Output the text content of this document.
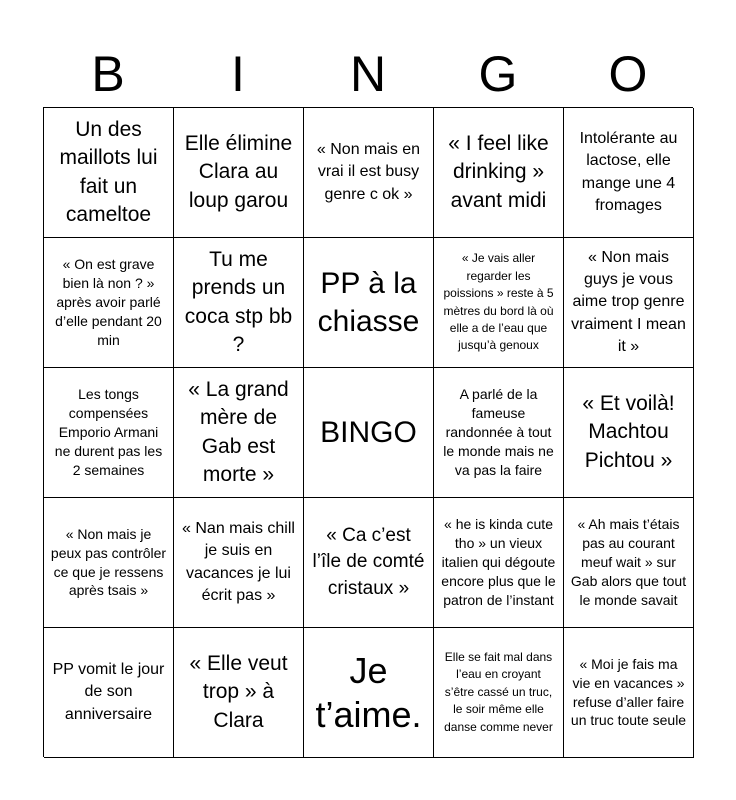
B	I	N	G	O
Un des maillots lui fait un cameltoe
Elle élimine Clara au loup garou
« Non mais en vrai il est busy genre c ok »
« I feel like drinking » avant midi
Intolérante au lactose, elle mange une 4 fromages
« On est grave bien là non ? » après avoir parlé d’elle pendant 20 min
Tu me prends un coca stp bb ?
PP à la chiasse
« Je vais aller regarder les poissions » reste à 5 mètres du bord là où elle a de l’eau que jusqu’à genoux
« Non mais guys je vous aime trop genre vraiment I mean it »
Les tongs compensées Emporio Armani ne durent pas les 2 semaines
« La grand mère de Gab est morte »
BINGO
A parlé de la fameuse randonnée à tout le monde mais ne va pas la faire
« Et voilà! Machtou Pichtou »
« Non mais je peux pas contrôler ce que je ressens après tsais »
« Nan mais chill je suis en vacances je lui écrit pas »
« Ca c’est l’île de comté cristaux »
« he is kinda cute tho » un vieux italien qui dégoute encore plus que le patron de l’instant
« Ah mais t’étais pas au courant meuf wait » sur Gab alors que tout le monde savait
PP vomit le jour de son anniversaire
« Elle veut trop » à Clara
Je t’aime.
Elle se fait mal dans l’eau en croyant s’être cassé un truc, le soir même elle danse comme never
« Moi je fais ma vie en vacances » refuse d’aller faire un truc toute seule
